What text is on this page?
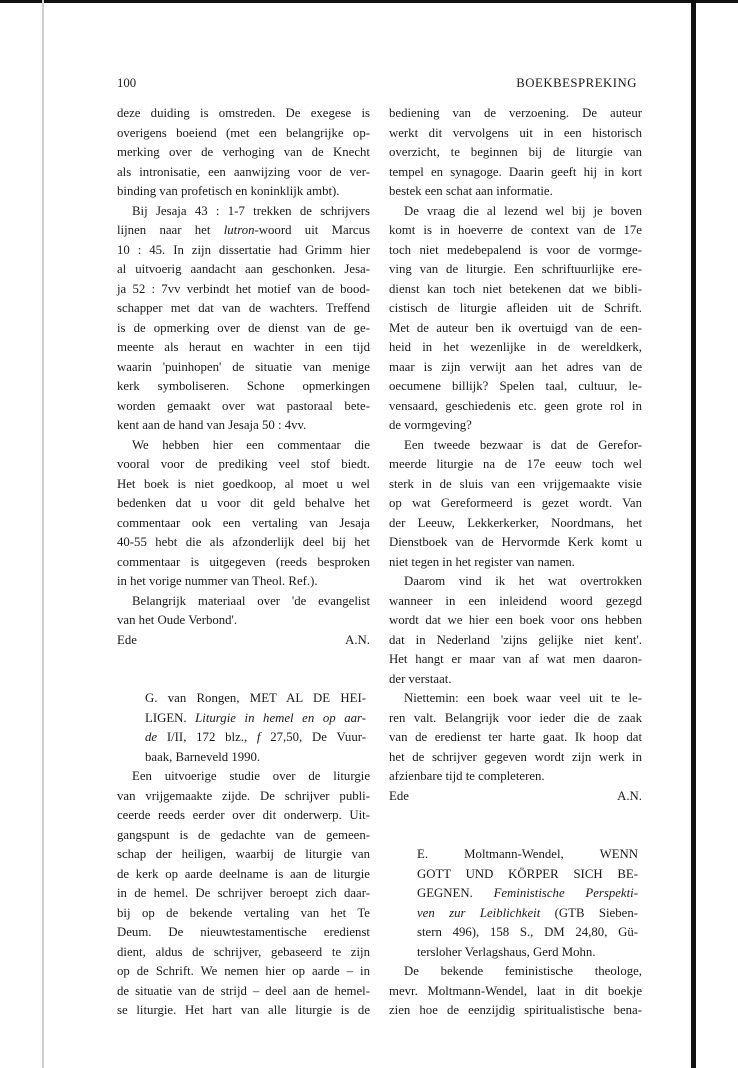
100	BOEKBESPREKING
deze duiding is omstreden. De exegese is
overigens boeiend (met een belangrijke op-
merking over de verhoging van de Knecht
als intronisatie, een aanwijzing voor de ver-
binding van profetisch en koninklijk ambt).
Bij Jesaja 43 : 1-7 trekken de schrijvers
lijnen naar het lutron-woord uit Marcus
10 : 45. In zijn dissertatie had Grimm hier
al uitvoerig aandacht aan geschonken. Jesa-
ja 52 : 7vv verbindt het motief van de bood-
schapper met dat van de wachters. Treffend
is de opmerking over de dienst van de ge-
meente als heraut en wachter in een tijd
waarin 'puinhopen' de situatie van menige
kerk symboliseren. Schone opmerkingen
worden gemaakt over wat pastoraal bete-
kent aan de hand van Jesaja 50 : 4vv.
We hebben hier een commentaar die
vooral voor de prediking veel stof biedt.
Het boek is niet goedkoop, al moet u wel
bedenken dat u voor dit geld behalve het
commentaar ook een vertaling van Jesaja
40-55 hebt die als afzonderlijk deel bij het
commentaar is uitgegeven (reeds besproken
in het vorige nummer van Theol. Ref.).
Belangrijk materiaal over 'de evangelist
van het Oude Verbond'.
Ede	A.N.
G. van Rongen, MET AL DE HEI-
LIGEN. Liturgie in hemel en op aar-
de I/II, 172 blz., f 27,50, De Vuur-
baak, Barneveld 1990.
Een uitvoerige studie over de liturgie
van vrijgemaakte zijde. De schrijver publi-
ceerde reeds eerder over dit onderwerp. Uit-
gangspunt is de gedachte van de gemeen-
schap der heiligen, waarbij de liturgie van
de kerk op aarde deelname is aan de liturgie
in de hemel. De schrijver beroept zich daar-
bij op de bekende vertaling van het Te
Deum. De nieuwtestamentische eredienst
dient, aldus de schrijver, gebaseerd te zijn
op de Schrift. We nemen hier op aarde – in
de situatie van de strijd – deel aan de hemel-
se liturgie. Het hart van alle liturgie is de
bediening van de verzoening. De auteur
werkt dit vervolgens uit in een historisch
overzicht, te beginnen bij de liturgie van
tempel en synagoge. Daarin geeft hij in kort
bestek een schat aan informatie.
De vraag die al lezend wel bij je boven
komt is in hoeverre de context van de 17e
toch niet medebepalend is voor de vormge-
ving van de liturgie. Een schriftuurlijke ere-
dienst kan toch niet betekenen dat we bibli-
cistisch de liturgie afleiden uit de Schrift.
Met de auteur ben ik overtuigd van de een-
heid in het wezenlijke in de wereldkerk,
maar is zijn verwijt aan het adres van de
oecumene billijk? Spelen taal, cultuur, le-
vensaard, geschiedenis etc. geen grote rol in
de vormgeving?
Een tweede bezwaar is dat de Gerefor-
meerde liturgie na de 17e eeuw toch wel
sterk in de sluis van een vrijgemaakte visie
op wat Gereformeerd is gezet wordt. Van
der Leeuw, Lekkerkerker, Noordmans, het
Dienstboek van de Hervormde Kerk komt u
niet tegen in het register van namen.
Daarom vind ik het wat overtrokken
wanneer in een inleidend woord gezegd
wordt dat we hier een boek voor ons hebben
dat in Nederland 'zijns gelijke niet kent'.
Het hangt er maar van af wat men daaron-
der verstaat.
Niettemin: een boek waar veel uit te le-
ren valt. Belangrijk voor ieder die de zaak
van de eredienst ter harte gaat. Ik hoop dat
het de schrijver gegeven wordt zijn werk in
afzienbare tijd te completeren.
Ede	A.N.
E. Moltmann-Wendel, WENN
GOTT UND KÖRPER SICH BE-
GEGNEN. Feministische Perspekti-
ven zur Leiblichkeit (GTB Sieben-
stern 496), 158 S., DM 24,80, Gü-
tersloher Verlagshaus, Gerd Mohn.
De bekende feministische theologe,
mevr. Moltmann-Wendel, laat in dit boekje
zien hoe de eenzijdig spiritualistische bena-
